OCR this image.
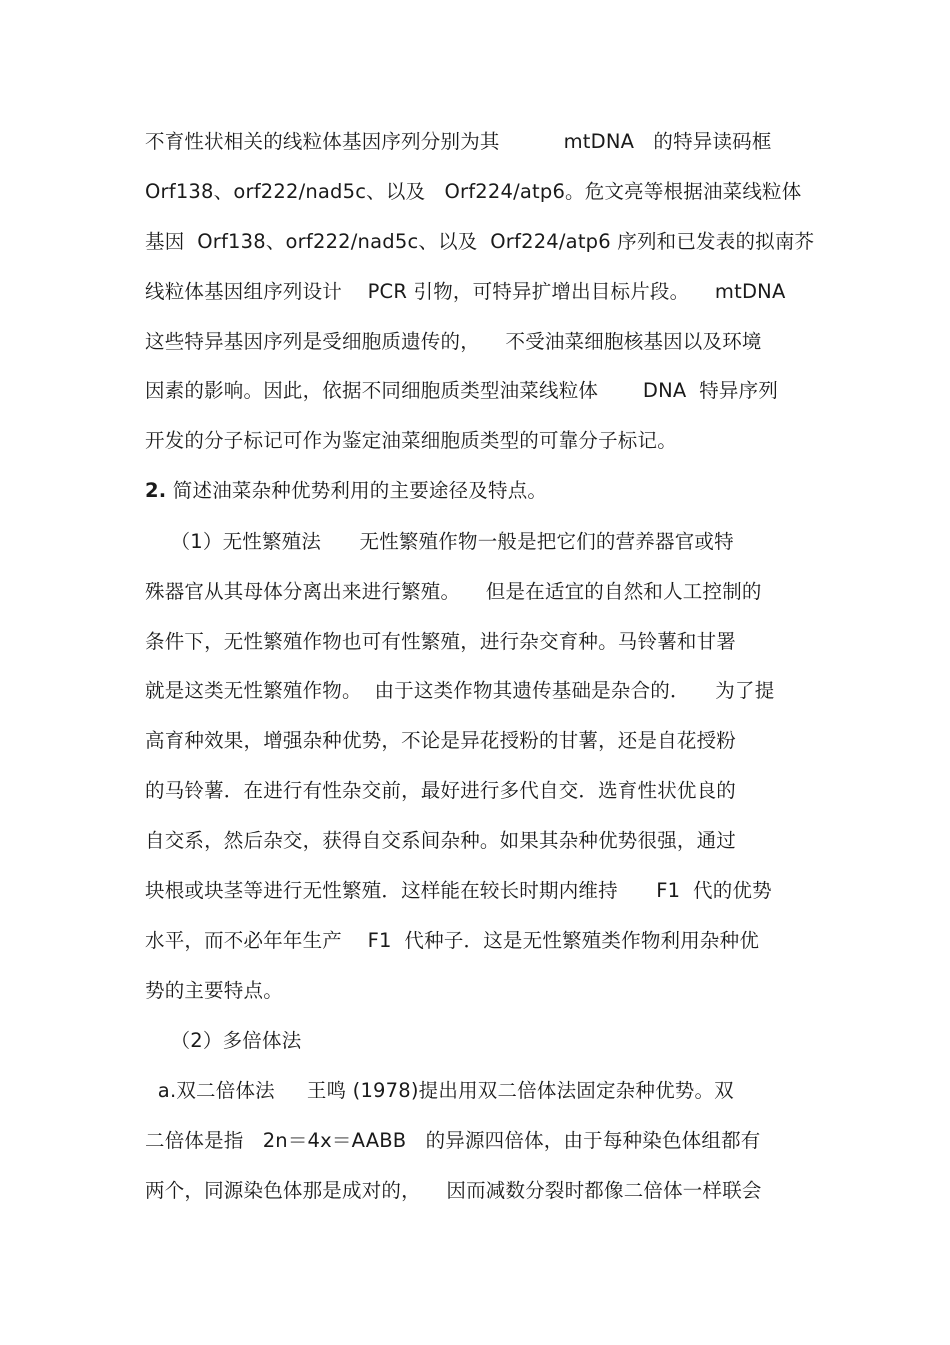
不育性状相关的线粒体基因序列分别为其          mtDNA   的特异读码框
Orf138、orf222/nad5c、以及   Orf224/atp6。危文亮等根据油菜线粒体
基因  Orf138、orf222/nad5c、以及  Orf224/atp6 序列和已发表的拟南芥
线粒体基因组序列设计    PCR 引物，可特异扩增出目标片段。    mtDNA
这些特异基因序列是受细胞质遗传的，    不受油菜细胞核基因以及环境
因素的影响。因此，依据不同细胞质类型油菜线粒体       DNA  特异序列
开发的分子标记可作为鉴定油菜细胞质类型的可靠分子标记。
2. 简述油菜杂种优势利用的主要途径及特点。
（1）无性繁殖法      无性繁殖作物一般是把它们的营养器官或特
殊器官从其母体分离出来进行繁殖。    但是在适宜的自然和人工控制的
条件下，无性繁殖作物也可有性繁殖，进行杂交育种。马铃薯和甘署
就是这类无性繁殖作物。  由于这类作物其遗传基础是杂合的．    为了提
高育种效果，增强杂种优势，不论是异花授粉的甘薯，还是自花授粉
的马铃薯．在进行有性杂交前，最好进行多代自交．选育性状优良的
自交系，然后杂交，获得自交系间杂种。如果其杂种优势很强，通过
块根或块茎等进行无性繁殖．这样能在较长时期内维持      F1  代的优势
水平，而不必年年生产    F1  代种子．这是无性繁殖类作物利用杂种优
势的主要特点。
（2）多倍体法
a.双二倍体法     王鸣 (1978)提出用双二倍体法固定杂种优势。双
二倍体是指   2n＝4x＝AABB   的异源四倍体，由于每种染色体组都有
两个，同源染色体那是成对的，    因而减数分裂时都像二倍体一样联会
